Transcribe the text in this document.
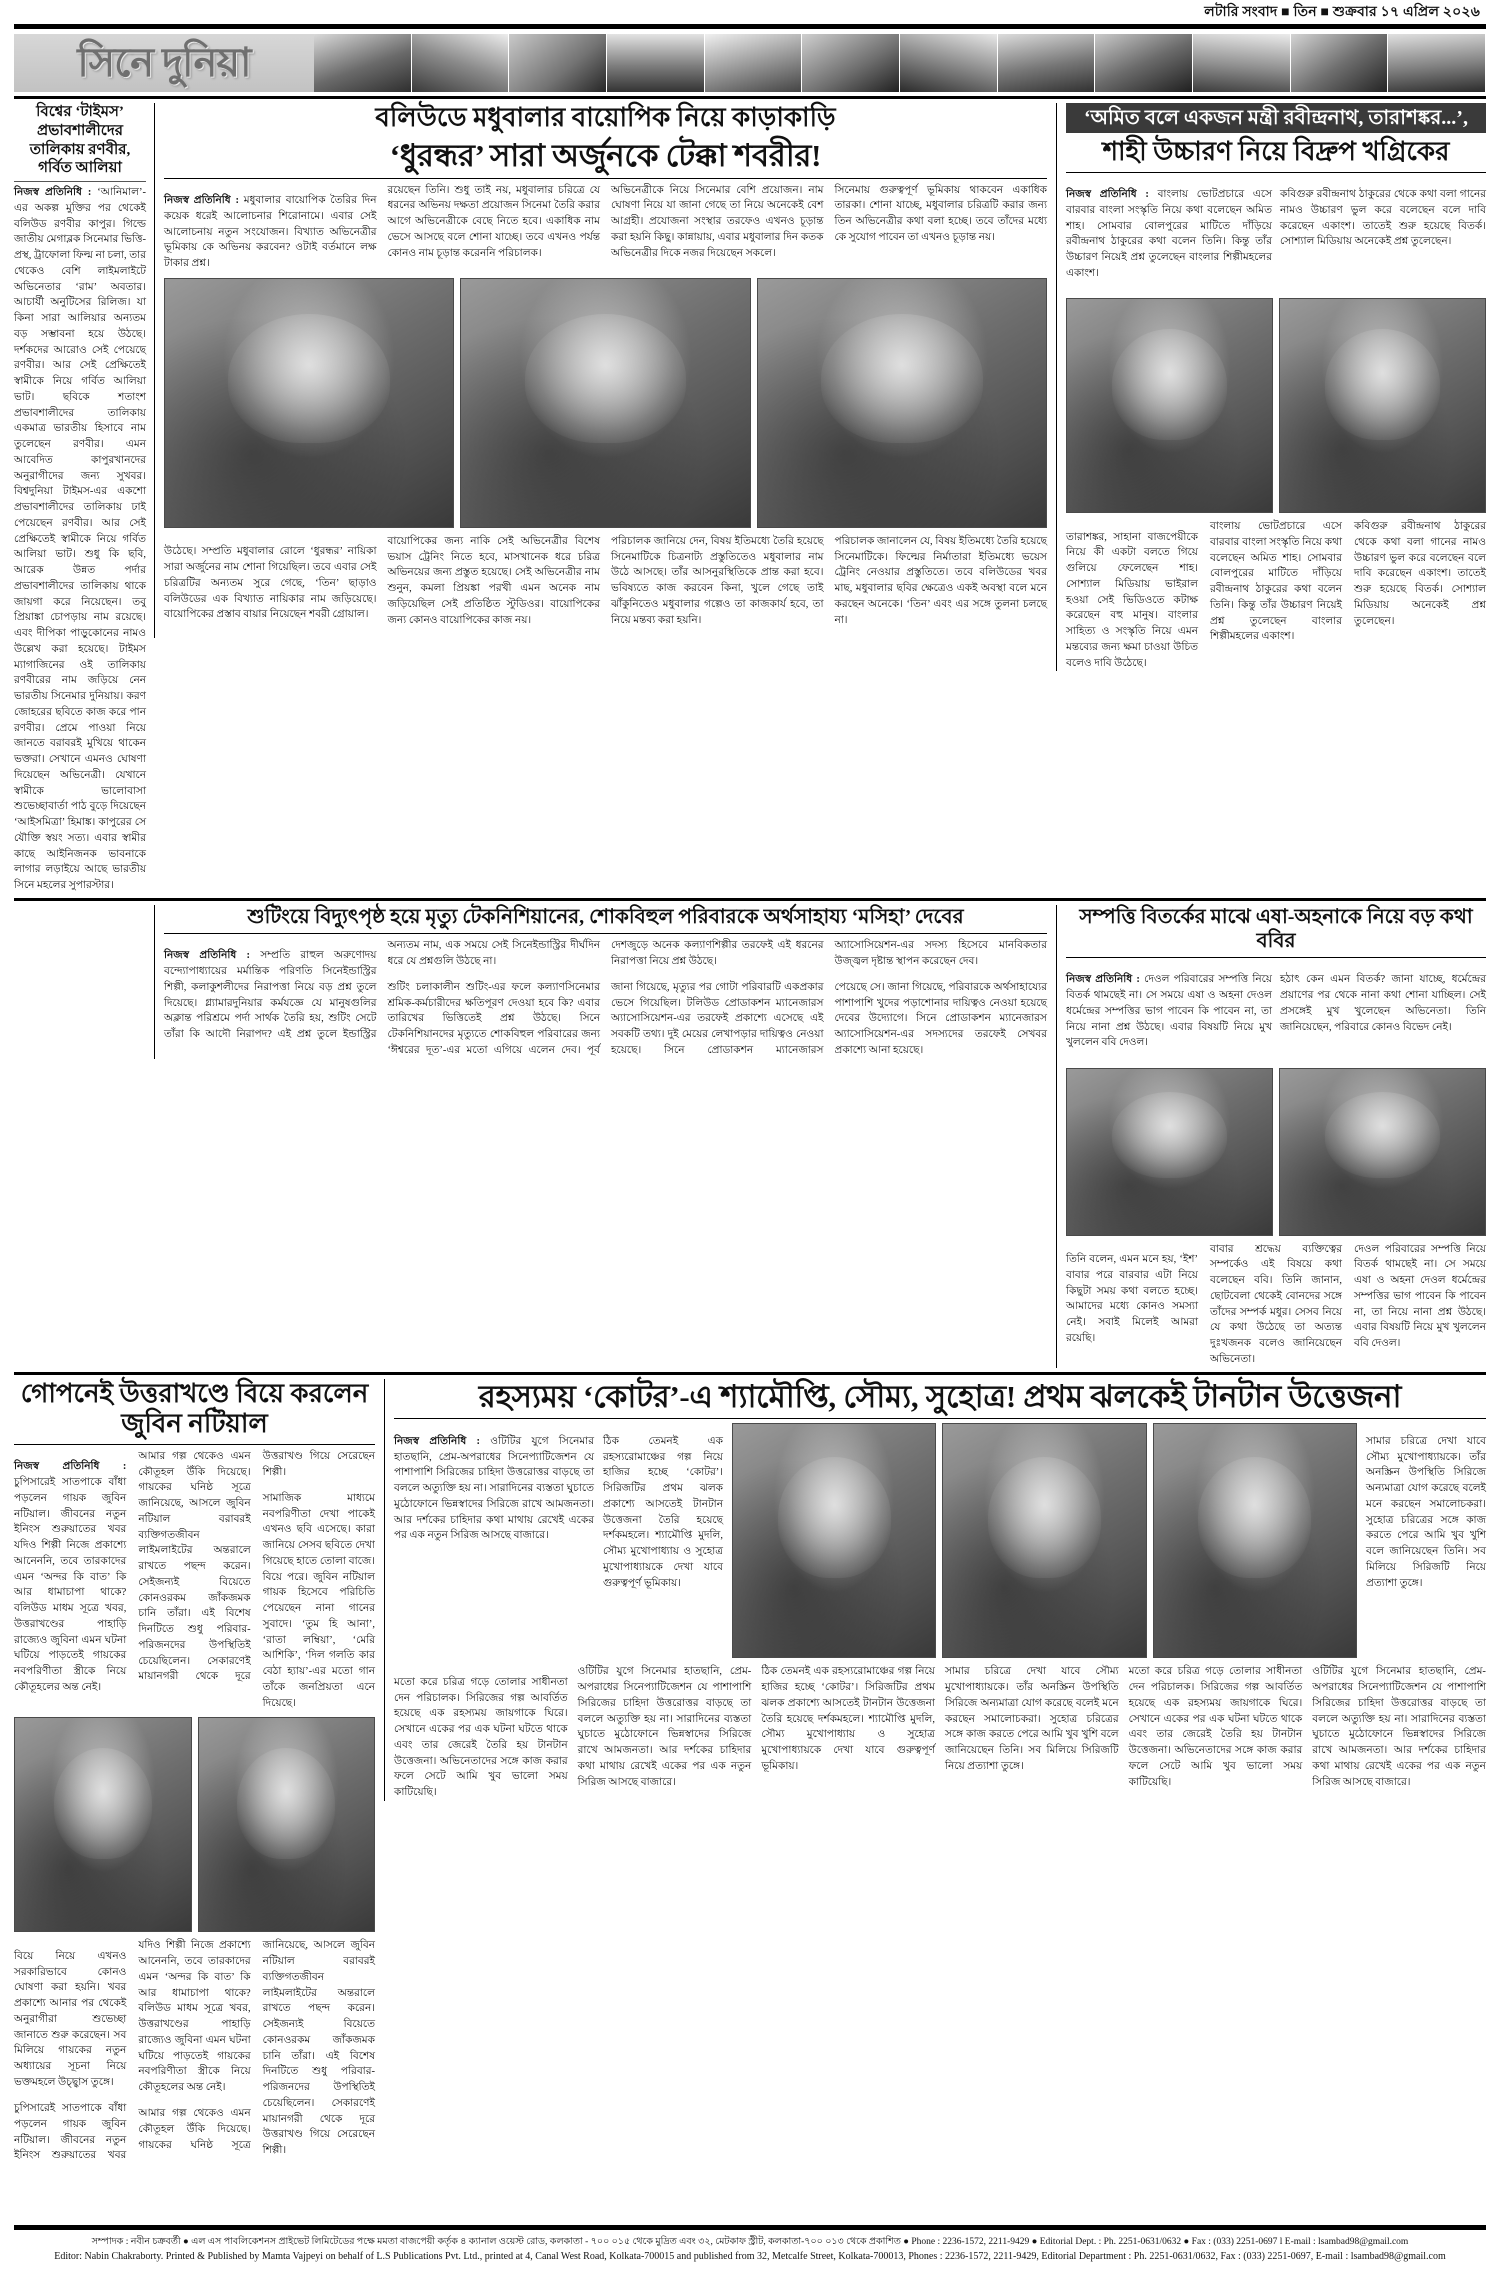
লটারি সংবাদ ■ তিন ■ শুক্রবার ১৭ এপ্রিল ২০২৬
সিনে দুনিয়া
বিশ্বের ‘টাইমস’ প্রভাবশালীদের তালিকায় রণবীর, গর্বিত আলিয়া
নিজস্ব প্রতিনিধি : ‘আনিমাল’-এর অকল্প মুক্তির পর থেকেই বলিউড রণবীর কাপুর। গিল্ডে জাতীয় মেগাব্লক সিনেমার ভিত্তি-প্রস্থ, ট্রাফোলা ফিল্ম না চলা, তার থেকেও বেশি লাইমলাইটে অভিনেতার ‘রাম’ অবতার। আচার্যী অনুটিসের রিলিজ। যা কিনা সারা আলিয়ার অন্যতম বড় সম্ভাবনা হয়ে উঠছে। দর্শকদের আরোও সেই পেয়েছে রণবীর। আর সেই প্রেক্ষিতেই স্বামীকে নিয়ে গর্বিত আলিয়া ভাট। ছবিকে শতাংশ প্রভাবশালীদের তালিকায় একমাত্র ভারতীয় হিসাবে নাম তুলেছেন রণবীর। এমন আবেদিত কাপুরখানদের অনুরাগীদের জন্য সুখবর। বিশ্বদুনিয়া টাইমস-এর একশো প্রভাবশালীদের তালিকায় ঢাই পেয়েছেন রণবীর। আর সেই প্রেক্ষিতেই স্বামীকে নিয়ে গর্বিত আলিয়া ভাট। শুধু কি ছবি, আরেক উন্নত পর্দার প্রভাবশালীদের তালিকায় থাকে জায়গা করে নিয়েছেন। তবু প্রিয়াঙ্কা চোপড়ায় নাম রয়েছে। এবং দীপিকা পাড়ুকোনের নামও উল্লেখ করা হয়েছে। টাইমস ম্যাগাজিনের ওই তালিকায় রণবীরের নাম জড়িয়ে নেন ভারতীয় সিনেমার দুনিয়ায়। করণ জোহরের ছবিতে কাজ করে পান রণবীর। প্রেমে পাওয়া নিয়ে জানতে বরাবরই মুখিয়ে থাকেন ভক্তরা। সেখানে এমনও ঘোষণা দিয়েছেন অভিনেত্রী। যেখানে স্বামীকে ভালোবাসা শুভেচ্ছাবার্তা পাঠ বুড়ে দিয়েছেন ‘আইসমিত্রা’ হিমাঙ্ক। কাপুরের সে যৌক্তি স্বয়ং সত্য। এবার স্বামীর কাছে আইনিজনক ভাবনাকে লাগার লড়াইয়ে আছে ভারতীয় সিনে মহলের সুপারস্টার।
বলিউডে মধুবালার বায়োপিক নিয়ে কাড়াকাড়ি
‘ধুরন্ধর’ সারা অর্জুনকে টেক্কা শবরীর!

নিজস্ব প্রতিনিধি : মধুবালার বায়োপিক তৈরির দিন কয়েক ধরেই আলোচনার শিরোনামে। এবার সেই আলোচনায় নতুন সংযোজন। বিখ্যাত অভিনেত্রীর ভূমিকায় কে অভিনয় করবেন? ওটাই বর্তমানে লক্ষ টাকার প্রশ্ন।

রয়েছেন তিনি। শুধু তাই নয়, মধুবালার চরিত্রে যে ধরনের অভিনয় দক্ষতা প্রয়োজন সিনেমা তৈরি করার আগে অভিনেত্রীকে বেছে নিতে হবে। একাধিক নাম ভেসে আসছে বলে শোনা যাচ্ছে। তবে এখনও পর্যন্ত কোনও নাম চূড়ান্ত করেননি পরিচালক।

অভিনেত্রীকে নিয়ে সিনেমার বেশি প্রয়োজন। নাম ঘোষণা নিয়ে যা জানা গেছে তা নিয়ে অনেকেই বেশ আগ্রহী। প্রযোজনা সংস্থার তরফেও এখনও চূড়ান্ত করা হয়নি কিছু। কান্নায়ায়, এবার মধুবালার দিন কতক অভিনেত্রীর দিকে নজর দিয়েছেন সকলে।

সিনেমায় গুরুত্বপূর্ণ ভূমিকায় থাকবেন একাধিক তারকা। শোনা যাচ্ছে, মধুবালার চরিত্রটি করার জন্য তিন অভিনেত্রীর কথা বলা হচ্ছে। তবে তাঁদের মধ্যে কে সুযোগ পাবেন তা এখনও চূড়ান্ত নয়।

উঠেছে। সম্প্রতি মধুবালার রোলে ‘ধুরন্ধর’ নায়িকা সারা অর্জুনের নাম শোনা গিয়েছিল। তবে এবার সেই চরিত্রটির অন্যতম সুরে গেছে, ‘তিন’ ছাড়াও বলিউডের এক বিখ্যাত নায়িকার নাম জড়িয়েছে। বায়োপিকের প্রস্তাব বায়ার নিয়েছেন শবরী গ্রোয়াল।

বায়োপিকের জন্য নাকি সেই অভিনেত্রীর বিশেষ ভয়াস ট্রেনিং নিতে হবে, মাসখানেক ধরে চরিত্র অভিনয়ের জন্য প্রস্তুত হয়েছে। সেই অভিনেত্রীর নাম শুনুন, কমলা প্রিয়ঙ্কা পরখী এমন অনেক নাম জড়িয়েছিল সেই প্রতিষ্ঠিত স্টুডিওর। বায়োপিকের জন্য কোনও বায়োপিকের কাজ নয়।

পরিচালক জানিয়ে দেন, বিষয় ইতিমধ্যে তৈরি হয়েছে সিনেমাটিকে চিত্রনাট্য প্রস্তুতিতেও মধুবালার নাম উঠে আসছে। তাঁর আসনুরস্থিতিকে প্রান্ত করা হবে। ভবিষ্যতে কাজ করবেন কিনা, খুলে গেছে তাই ঝাঁকুনিতেও মধুবালার গল্পেও তা কাজকার্য হবে, তা নিয়ে মন্তব্য করা হয়নি।

পরিচালক জানালেন যে, বিষয় ইতিমধ্যে তৈরি হয়েছে সিনেমাটিকে। ফিল্মের নির্মাতারা ইতিমধ্যে ভয়েস ট্রেনিং নেওয়ার প্রস্তুতিতে। তবে বলিউডের খবর মাছ, মধুবালার ছবির ক্ষেত্রেও একই অবস্থা বলে মনে করছেন অনেকে। ‘তিন’ এবং এর সঙ্গে তুলনা চলছে না।

‘অমিত বলে একজন মন্ত্রী রবীন্দ্রনাথ, তারাশঙ্কর...’,
শাহী উচ্চারণ নিয়ে বিদ্রুপ খগ্রিকের

নিজস্ব প্রতিনিধি : বাংলায় ভোটপ্রচারে এসে বারবার বাংলা সংস্কৃতি নিয়ে কথা বলেছেন অমিত শাহ। সোমবার বোলপুরের মাটিতে দাঁড়িয়ে রবীন্দ্রনাথ ঠাকুরের কথা বলেন তিনি। কিন্তু তাঁর উচ্চারণ নিয়েই প্রশ্ন তুলেছেন বাংলার শিল্পীমহলের একাংশ।

কবিগুরু রবীন্দ্রনাথ ঠাকুরের থেকে কথা বলা গানের নামও উচ্চারণ ভুল করে বলেছেন বলে দাবি করেছেন একাংশ। তাতেই শুরু হয়েছে বিতর্ক। সোশ্যাল মিডিয়ায় অনেকেই প্রশ্ন তুলেছেন।

তারাশঙ্কর, সাহানা বাজপেয়ীকে নিয়ে কী একটা বলতে গিয়ে গুলিয়ে ফেলেছেন শাহ। সোশ্যাল মিডিয়ায় ভাইরাল হওয়া সেই ভিডিওতে কটাক্ষ করেছেন বহু মানুষ। বাংলার সাহিত্য ও সংস্কৃতি নিয়ে এমন মন্তব্যের জন্য ক্ষমা চাওয়া উচিত বলেও দাবি উঠেছে।

বাংলায় ভোটপ্রচারে এসে বারবার বাংলা সংস্কৃতি নিয়ে কথা বলেছেন অমিত শাহ। সোমবার বোলপুরের মাটিতে দাঁড়িয়ে রবীন্দ্রনাথ ঠাকুরের কথা বলেন তিনি। কিন্তু তাঁর উচ্চারণ নিয়েই প্রশ্ন তুলেছেন বাংলার শিল্পীমহলের একাংশ।

কবিগুরু রবীন্দ্রনাথ ঠাকুরের থেকে কথা বলা গানের নামও উচ্চারণ ভুল করে বলেছেন বলে দাবি করেছেন একাংশ। তাতেই শুরু হয়েছে বিতর্ক। সোশ্যাল মিডিয়ায় অনেকেই প্রশ্ন তুলেছেন।

শুটিংয়ে বিদ্যুৎপৃষ্ঠ হয়ে মৃত্যু টেকনিশিয়ানের, শোকবিহুল পরিবারকে অর্থসাহায্য ‘মসিহা’ দেবের

নিজস্ব প্রতিনিধি : সম্প্রতি রাহুল অরুণোদয় বন্দ্যোপাধ্যায়ের মর্মান্তিক পরিণতি সিনেইন্ডাস্ট্রির শিল্পী, কলাকুশলীদের নিরাপত্তা নিয়ে বড় প্রশ্ন তুলে দিয়েছে। গ্ল্যামারদুনিয়ার কর্মযজ্ঞে যে মানুষগুলির অক্লান্ত পরিশ্রমে পর্দা সার্থক তৈরি হয়, শুটিং সেটে তাঁরা কি আদৌ নিরাপদ? এই প্রশ্ন তুলে ইন্ডাস্ট্রির অন্যতম নাম, এক সময়ে সেই সিনেইন্ডাস্ট্রির দীর্ঘদিন ধরে যে প্রশ্নগুলি উঠছে না।

শুটিং চলাকালীন শুটিং-এর ফলে কল্যাণসিনেমার শ্রমিক-কর্মচারীদের ক্ষতিপূরণ দেওয়া হবে কি? এবার তারিখের ভিত্তিতেই প্রশ্ন উঠছে। সিনে টেকনিশিয়ানদের মৃত্যুতে শোকবিহুল পরিবারের জন্য ‘ঈশ্বরের দূত’-এর মতো এগিয়ে এলেন দেব। পূর্ব দেশজুড়ে অনেক কল্যাণশিল্পীর তরফেই এই ধরনের নিরাপত্তা নিয়ে প্রশ্ন উঠছে।

জানা গিয়েছে, মৃত্যুর পর গোটা পরিবারটি একপ্রকার ভেসে গিয়েছিল। টলিউড প্রোডাকশন ম্যানেজারস অ্যাসোসিয়েশন-এর তরফেই প্রকাশ্যে এসেছে এই সবকটি তথ্য। দুই মেয়ের লেখাপড়ার দায়িত্বও নেওয়া হয়েছে। সিনে প্রোডাকশন ম্যানেজারস অ্যাসোসিয়েশন-এর সদস্য হিসেবে মানবিকতার উজ্জ্বল দৃষ্টান্ত স্থাপন করেছেন দেব।

পেয়েছে সে। জানা গিয়েছে, পরিবারকে অর্থসাহায্যের পাশাপাশি খুদের পড়াশোনার দায়িত্বও নেওয়া হয়েছে দেবের উদ্যোগে। সিনে প্রোডাকশন ম্যানেজারস অ্যাসোসিয়েশন-এর সদস্যদের তরফেই সেখবর প্রকাশ্যে আনা হয়েছে।

সম্পত্তি বিতর্কের মাঝে এষা-অহনাকে নিয়ে বড় কথা ববির

নিজস্ব প্রতিনিধি : দেওল পরিবারের সম্পত্তি নিয়ে বিতর্ক থামছেই না। সে সময়ে এষা ও অহনা দেওল ধর্মেন্দ্রের সম্পত্তির ভাগ পাবেন কি পাবেন না, তা নিয়ে নানা প্রশ্ন উঠছে। এবার বিষয়টি নিয়ে মুখ খুললেন ববি দেওল।

হঠাৎ কেন এমন বিতর্ক? জানা যাচ্ছে, ধর্মেন্দ্রের প্রয়াণের পর থেকে নানা কথা শোনা যাচ্ছিল। সেই প্রসঙ্গেই মুখ খুলেছেন অভিনেতা। তিনি জানিয়েছেন, পরিবারে কোনও বিভেদ নেই।

তিনি বলেন, এমন মনে হয়, ‘ইশ’ বাবার পরে বারবার এটা নিয়ে কিছুটা সময় কথা বলতে হচ্ছে। আমাদের মধ্যে কোনও সমস্যা নেই। সবাই মিলেই আমরা রয়েছি।

বাবার শ্রদ্ধেয় ব্যক্তিত্বের সম্পর্কেও এই বিষয়ে কথা বলেছেন ববি। তিনি জানান, ছোটবেলা থেকেই বোনদের সঙ্গে তাঁদের সম্পর্ক মধুর। সেসব নিয়ে যে কথা উঠেছে তা অত্যন্ত দুঃখজনক বলেও জানিয়েছেন অভিনেতা।

দেওল পরিবারের সম্পত্তি নিয়ে বিতর্ক থামছেই না। সে সময়ে এষা ও অহনা দেওল ধর্মেন্দ্রের সম্পত্তির ভাগ পাবেন কি পাবেন না, তা নিয়ে নানা প্রশ্ন উঠছে। এবার বিষয়টি নিয়ে মুখ খুললেন ববি দেওল।

গোপনেই উত্তরাখণ্ডে বিয়ে করলেন জুবিন নটিয়াল

নিজস্ব প্রতিনিধি : চুপিসারেই সাতপাকে বাঁধা পড়লেন গায়ক জুবিন নটিয়াল। জীবনের নতুন ইনিংস শুরুয়াতের খবর যদিও শিল্পী নিজে প্রকাশ্যে আনেননি, তবে তারকাদের এমন ‘অন্দর কি বাত’ কি আর ধামাচাপা থাকে? বলিউড মাধম সূত্রে খবর, উত্তরাখণ্ডের পাহাড়ি রাজ্যেও জুবিনা এমন ঘটনা ঘটিয়ে পাড়তেই গায়কের নবপরিণীতা স্ত্রীকে নিয়ে কৌতূহলের অন্ত নেই।

আমার গল্প থেকেও এমন কৌতূহল উঁকি দিয়েছে। গায়কের ঘনিষ্ঠ সূত্রে জানিয়েছে, আসলে জুবিন নটিয়াল বরাবরই ব্যক্তিগতজীবন লাইমলাইটের অন্তরালে রাখতে পছন্দ করেন। সেইজন্যই বিয়েতে কোনওরকম জাঁকজমক চানি তাঁরা। এই বিশেষ দিনটিতে শুধু পরিবার-পরিজনদের উপস্থিতিই চেয়েছিলেন। সেকারণেই মায়ানগরী থেকে দূরে উত্তরাখণ্ড গিয়ে সেরেছেন শিল্পী।

সামাজিক মাধ্যমে নবপরিণীতা দেখা পাকেই এখনও ছবি এসেছে। কারা জানিয়ে সেসব ছবিতে দেখা গিয়েছে হাতে তোলা বাজে। বিয়ে পরে। জুবিন নটিয়াল গায়ক হিসেবে পরিচিতি পেয়েছেন নানা গানের সুবাদে। ‘তুম হি আনা’, ‘রাতা লম্বিয়া’, ‘মেরি আশিকি’, ‘দিল গলতি কার বেঠা হ্যায়’-এর মতো গান তাঁকে জনপ্রিয়তা এনে দিয়েছে।

বিয়ে নিয়ে এখনও সরকারিভাবে কোনও ঘোষণা করা হয়নি। খবর প্রকাশ্যে আনার পর থেকেই অনুরাগীরা শুভেচ্ছা জানাতে শুরু করেছেন। সব মিলিয়ে গায়কের নতুন অধ্যায়ের সূচনা নিয়ে ভক্তমহলে উচ্ছ্বাস তুঙ্গে।

চুপিসারেই সাতপাকে বাঁধা পড়লেন গায়ক জুবিন নটিয়াল। জীবনের নতুন ইনিংস শুরুয়াতের খবর যদিও শিল্পী নিজে প্রকাশ্যে আনেননি, তবে তারকাদের এমন ‘অন্দর কি বাত’ কি আর ধামাচাপা থাকে? বলিউড মাধম সূত্রে খবর, উত্তরাখণ্ডের পাহাড়ি রাজ্যেও জুবিনা এমন ঘটনা ঘটিয়ে পাড়তেই গায়কের নবপরিণীতা স্ত্রীকে নিয়ে কৌতূহলের অন্ত নেই।

আমার গল্প থেকেও এমন কৌতূহল উঁকি দিয়েছে। গায়কের ঘনিষ্ঠ সূত্রে জানিয়েছে, আসলে জুবিন নটিয়াল বরাবরই ব্যক্তিগতজীবন লাইমলাইটের অন্তরালে রাখতে পছন্দ করেন। সেইজন্যই বিয়েতে কোনওরকম জাঁকজমক চানি তাঁরা। এই বিশেষ দিনটিতে শুধু পরিবার-পরিজনদের উপস্থিতিই চেয়েছিলেন। সেকারণেই মায়ানগরী থেকে দূরে উত্তরাখণ্ড গিয়ে সেরেছেন শিল্পী।

রহস্যময় ‘কোটর’-এ শ্যামৌপ্তি, সৌম্য, সুহোত্র! প্রথম ঝলকেই টানটান উত্তেজনা

নিজস্ব প্রতিনিধি : ওটিটির যুগে সিনেমার হাতছানি, প্রেম-অপরাধের সিনেপ্যাটিজেশন যে পাশাপাশি সিরিজের চাহিদা উত্তরোত্তর বাড়ছে তা বললে অত্যুক্তি হয় না। সারাদিনের ব্যস্ততা ঘুচাতে মুঠোফোনে ভিন্নস্বাদের সিরিজে রাখে আমজনতা। আর দর্শকের চাহিদার কথা মাথায় রেখেই একের পর এক নতুন সিরিজ আসছে বাজারে।

ঠিক তেমনই এক রহস্যরোমাঞ্চের গল্প নিয়ে হাজির হচ্ছে ‘কোটর’। সিরিজটির প্রথম ঝলক প্রকাশ্যে আসতেই টানটান উত্তেজনা তৈরি হয়েছে দর্শকমহলে। শ্যামৌপ্তি মুদলি, সৌম্য মুখোপাধ্যায় ও সুহোত্র মুখোপাধ্যায়কে দেখা যাবে গুরুত্বপূর্ণ ভূমিকায়।

সামার চরিত্রে দেখা যাবে সৌম্য মুখোপাধ্যায়কে। তাঁর অনস্ক্রিন উপস্থিতি সিরিজে অন্যমাত্রা যোগ করেছে বলেই মনে করছেন সমালোচকরা। সুহোত্র চরিত্রের সঙ্গে কাজ করতে পেরে আমি খুব খুশি বলে জানিয়েছেন তিনি। সব মিলিয়ে সিরিজটি নিয়ে প্রত্যাশা তুঙ্গে।

মতো করে চরিত্র গড়ে তোলার সাধীনতা দেন পরিচালক। সিরিজের গল্প আবর্তিত হয়েছে এক রহস্যময় জায়গাকে ঘিরে। সেখানে একের পর এক ঘটনা ঘটতে থাকে এবং তার জেরেই তৈরি হয় টানটান উত্তেজনা। অভিনেতাদের সঙ্গে কাজ করার ফলে সেটে আমি খুব ভালো সময় কাটিয়েছি।

ওটিটির যুগে সিনেমার হাতছানি, প্রেম-অপরাধের সিনেপ্যাটিজেশন যে পাশাপাশি সিরিজের চাহিদা উত্তরোত্তর বাড়ছে তা বললে অত্যুক্তি হয় না। সারাদিনের ব্যস্ততা ঘুচাতে মুঠোফোনে ভিন্নস্বাদের সিরিজে রাখে আমজনতা। আর দর্শকের চাহিদার কথা মাথায় রেখেই একের পর এক নতুন সিরিজ আসছে বাজারে।

ঠিক তেমনই এক রহস্যরোমাঞ্চের গল্প নিয়ে হাজির হচ্ছে ‘কোটর’। সিরিজটির প্রথম ঝলক প্রকাশ্যে আসতেই টানটান উত্তেজনা তৈরি হয়েছে দর্শকমহলে। শ্যামৌপ্তি মুদলি, সৌম্য মুখোপাধ্যায় ও সুহোত্র মুখোপাধ্যায়কে দেখা যাবে গুরুত্বপূর্ণ ভূমিকায়।

সামার চরিত্রে দেখা যাবে সৌম্য মুখোপাধ্যায়কে। তাঁর অনস্ক্রিন উপস্থিতি সিরিজে অন্যমাত্রা যোগ করেছে বলেই মনে করছেন সমালোচকরা। সুহোত্র চরিত্রের সঙ্গে কাজ করতে পেরে আমি খুব খুশি বলে জানিয়েছেন তিনি। সব মিলিয়ে সিরিজটি নিয়ে প্রত্যাশা তুঙ্গে।

মতো করে চরিত্র গড়ে তোলার সাধীনতা দেন পরিচালক। সিরিজের গল্প আবর্তিত হয়েছে এক রহস্যময় জায়গাকে ঘিরে। সেখানে একের পর এক ঘটনা ঘটতে থাকে এবং তার জেরেই তৈরি হয় টানটান উত্তেজনা। অভিনেতাদের সঙ্গে কাজ করার ফলে সেটে আমি খুব ভালো সময় কাটিয়েছি।

ওটিটির যুগে সিনেমার হাতছানি, প্রেম-অপরাধের সিনেপ্যাটিজেশন যে পাশাপাশি সিরিজের চাহিদা উত্তরোত্তর বাড়ছে তা বললে অত্যুক্তি হয় না। সারাদিনের ব্যস্ততা ঘুচাতে মুঠোফোনে ভিন্নস্বাদের সিরিজে রাখে আমজনতা। আর দর্শকের চাহিদার কথা মাথায় রেখেই একের পর এক নতুন সিরিজ আসছে বাজারে।

সম্পাদক : নবীন চক্রবর্তী ● এল এস পাবলিকেশনস প্রাইভেট লিমিটেডের পক্ষে মমতা বাজপেয়ী কর্তৃক ৪ ক্যানাল ওয়েস্ট রোড, কলকাতা - ৭০০ ০১৫ থেকে মুদ্রিত এবং ৩২, মেটকাফ স্ট্রীট, কলকাতা-৭০০ ০১৩ থেকে প্রকাশিত ● Phone : 2236-1572, 2211-9429 ● Editorial Dept. : Ph. 2251-0631/0632 ● Fax : (033) 2251-0697 l E-mail : lsambad98@gmail.com
Editor: Nabin Chakraborty. Printed & Published by Mamta Vajpeyi on behalf of L.S Publications Pvt. Ltd., printed at 4, Canal West Road, Kolkata-700015 and published from 32, Metcalfe Street, Kolkata-700013, Phones : 2236-1572, 2211-9429, Editorial Department : Ph. 2251-0631/0632, Fax : (033) 2251-0697, E-mail : lsambad98@gmail.com
